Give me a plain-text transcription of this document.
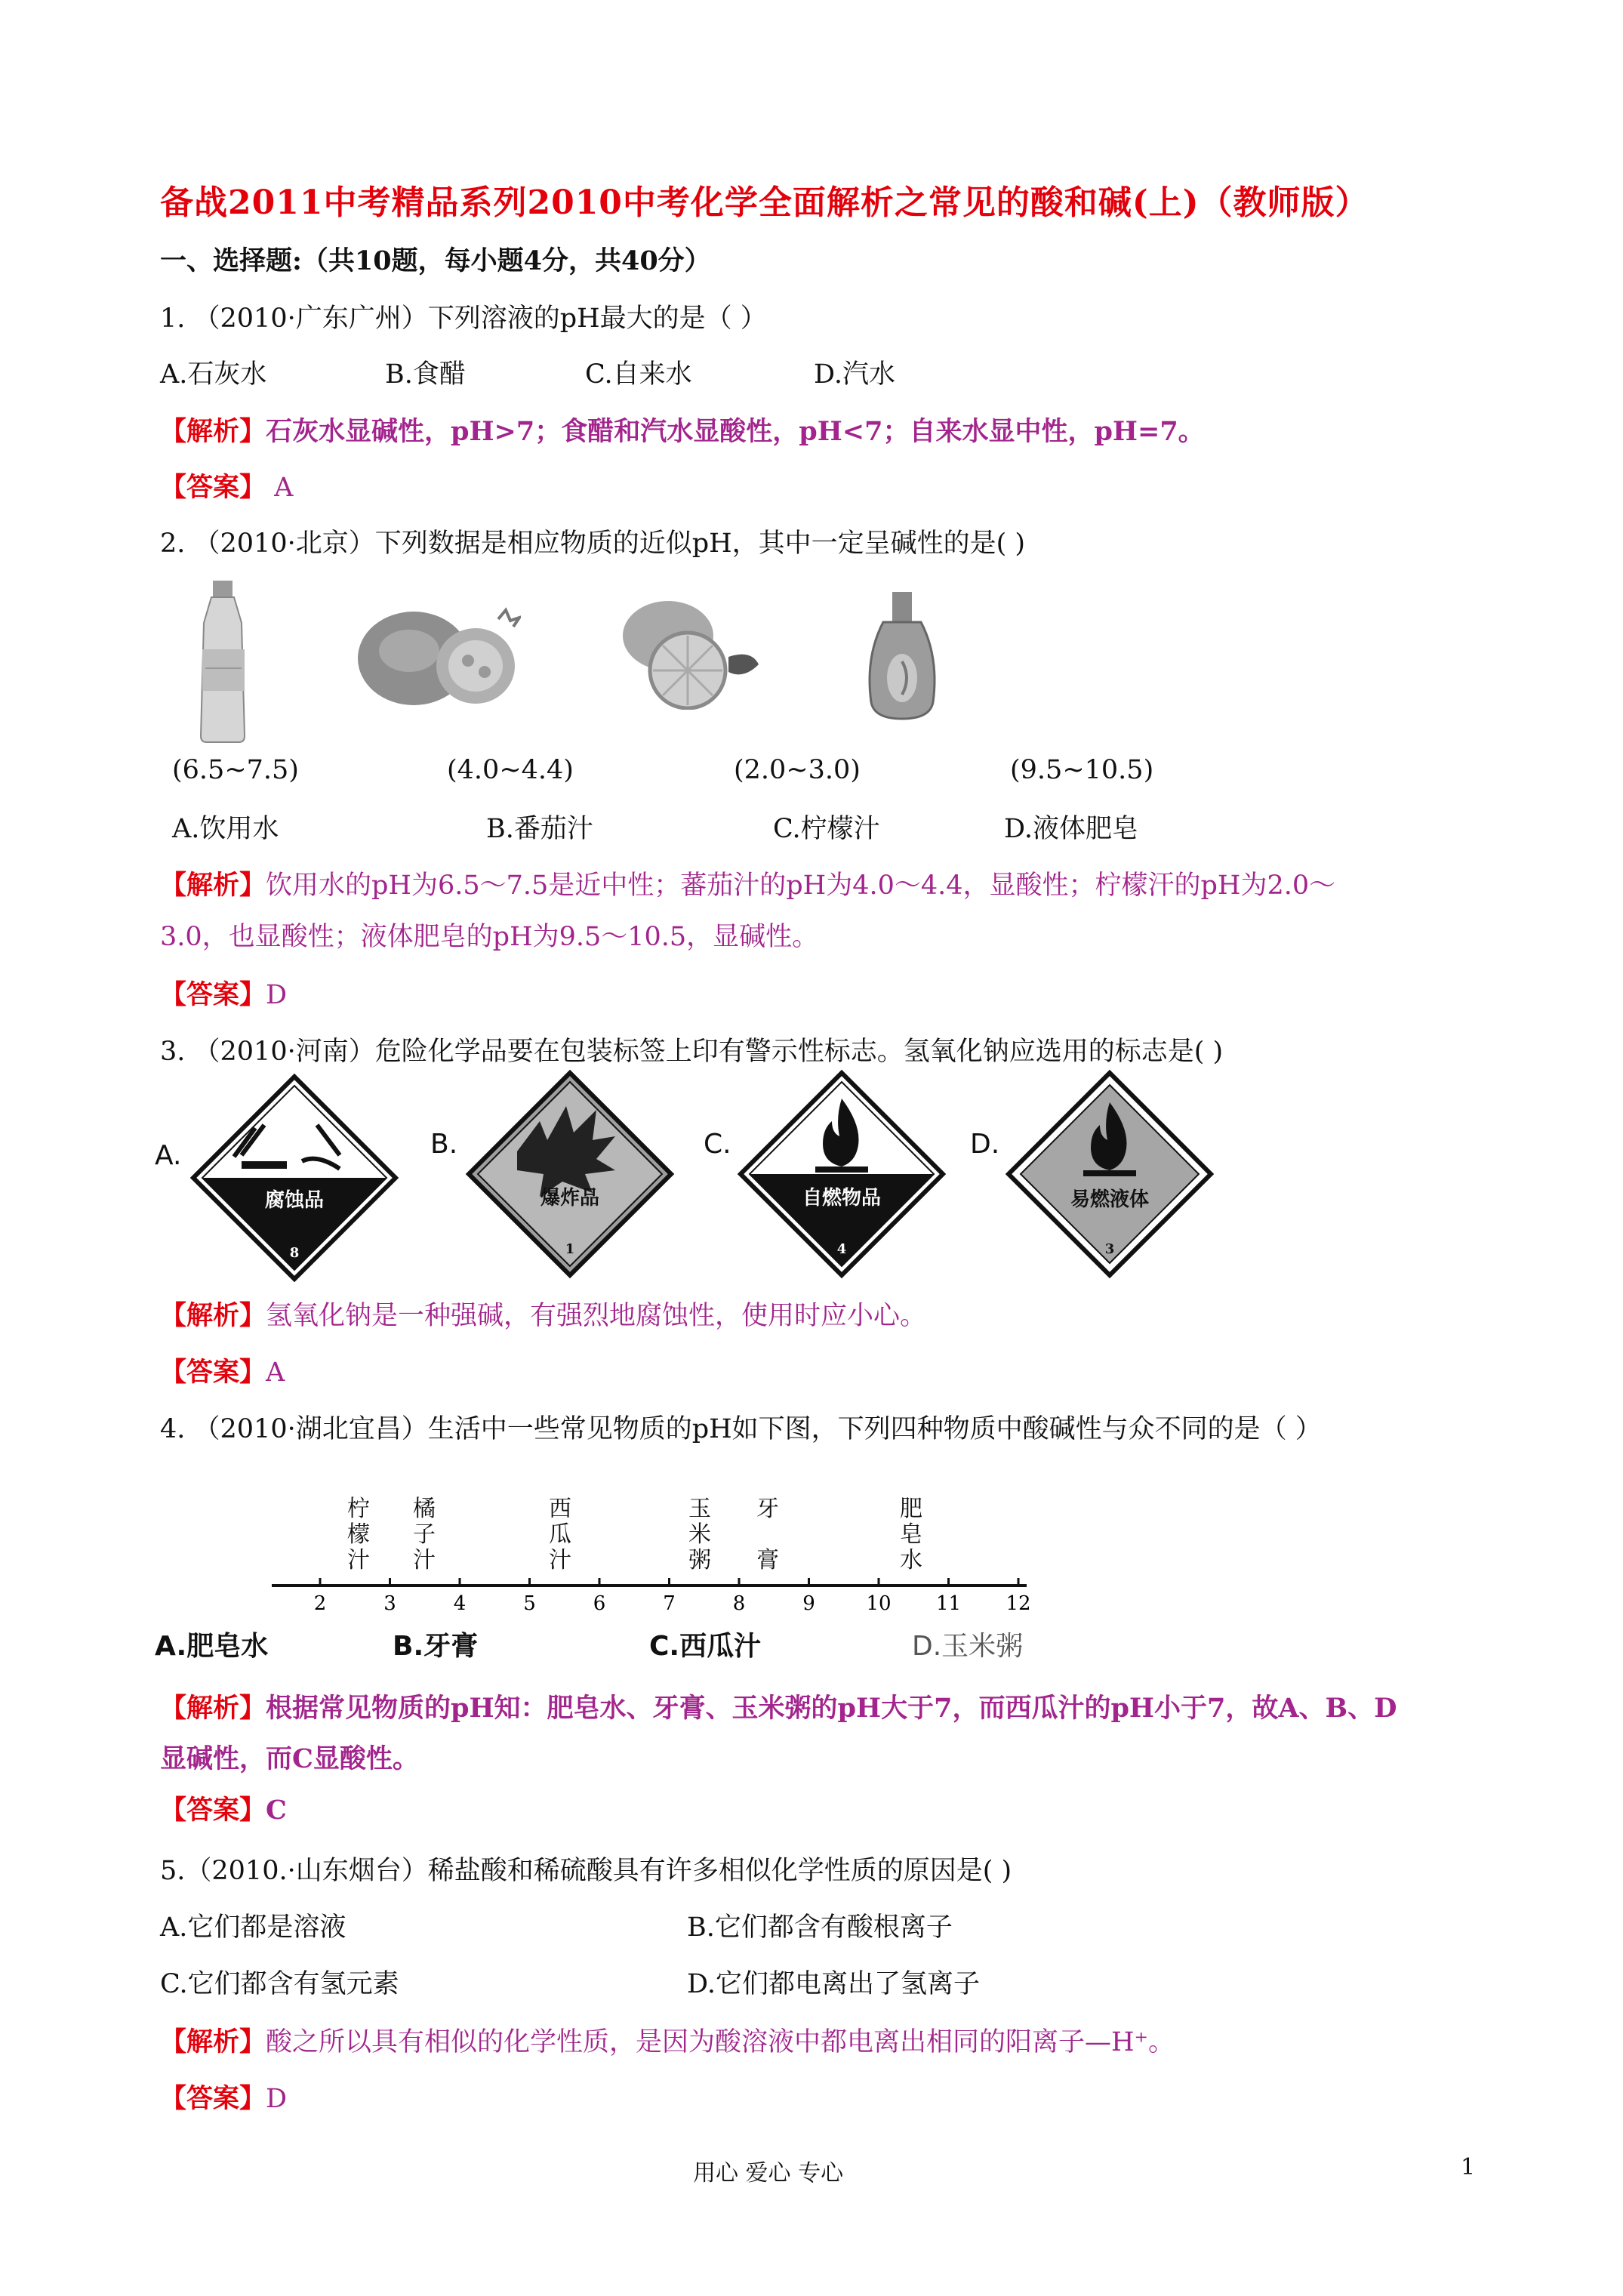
备战2011中考精品系列2010中考化学全面解析之常见的酸和碱(上)（教师版）
一、选择题:（共10题，每小题4分，共40分）
1. （2010·广东广州）下列溶液的pH最大的是（ ）
A.石灰水	B.食醋	C.自来水	D.汽水
【解析】石灰水显碱性，pH>7；食醋和汽水显酸性，pH<7；自来水显中性，pH=7。
【答案】 A
2. （2010·北京）下列数据是相应物质的近似pH，其中一定呈碱性的是( )
(6.5~7.5)	(4.0~4.4)	(2.0~3.0)	(9.5~10.5)
A.饮用水	B.番茄汁	C.柠檬汁	D.液体肥皂
【解析】饮用水的pH为6.5～7.5是近中性；蕃茄汁的pH为4.0～4.4，显酸性；柠檬汗的pH为2.0～
3.0，也显酸性；液体肥皂的pH为9.5～10.5，显碱性。
【答案】D
3. （2010·河南）危险化学品要在包装标签上印有警示性标志。氢氧化钠应选用的标志是( )
A.
腐蚀品
8
B.
爆炸品
1
C.
自燃物品
4
D.
易燃液体
3
【解析】氢氧化钠是一种强碱，有强烈地腐蚀性，使用时应小心。
【答案】A
4. （2010·湖北宜昌）生活中一些常见物质的pH如下图，下列四种物质中酸碱性与众不同的是（ ）
柠
檬
汁
橘
子
汁
西
瓜
汁
玉
米
粥
牙

膏
肥
皂
水
2	3	4	5	6	7	8	9	10 11 12
A.肥皂水	B.牙膏	C.西瓜汁	D.玉米粥
【解析】根据常见物质的pH知：肥皂水、牙膏、玉米粥的pH大于7，而西瓜汁的pH小于7，故A、B、D
显碱性，而C显酸性。
【答案】C
5.（2010.·山东烟台）稀盐酸和稀硫酸具有许多相似化学性质的原因是( )
A.它们都是溶液	B.它们都含有酸根离子
C.它们都含有氢元素	D.它们都电离出了氢离子
【解析】酸之所以具有相似的化学性质，是因为酸溶液中都电离出相同的阳离子—H⁺。
【答案】D
用心 爱心 专心	1
